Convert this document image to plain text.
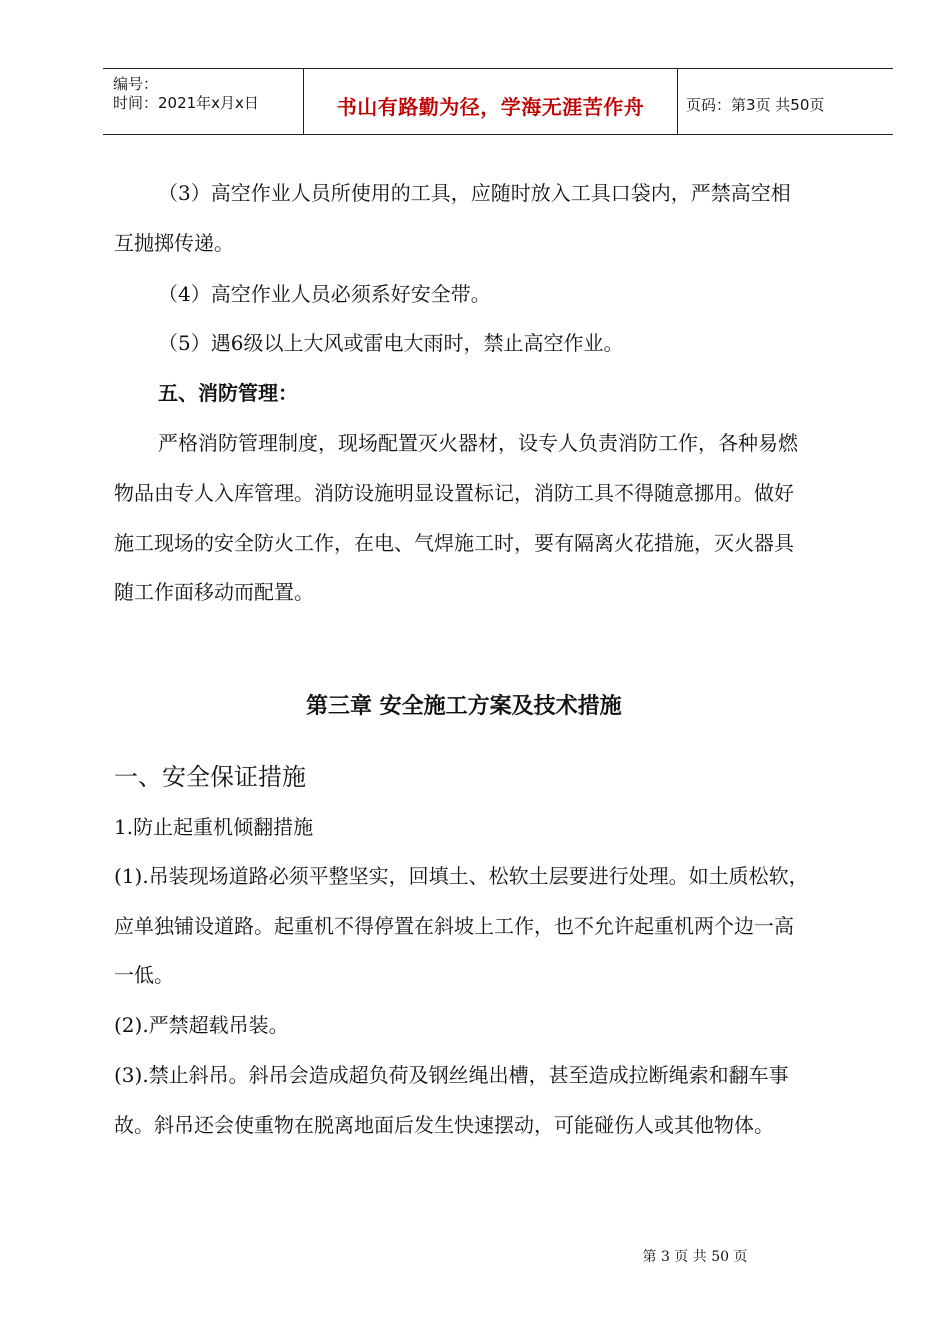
编号：
时间：2021年x月x日	书山有路勤为径，学海无涯苦作舟	页码：第3页 共50页
（3）高空作业人员所使用的工具，应随时放入工具口袋内，严禁高空相
互抛掷传递。
（4）高空作业人员必须系好安全带。
（5）遇6级以上大风或雷电大雨时，禁止高空作业。
五、消防管理：
严格消防管理制度，现场配置灭火器材，设专人负责消防工作，各种易燃
物品由专人入库管理。消防设施明显设置标记，消防工具不得随意挪用。做好
施工现场的安全防火工作，在电、气焊施工时，要有隔离火花措施，灭火器具
随工作面移动而配置。
第三章 安全施工方案及技术措施
一、安全保证措施
1.防止起重机倾翻措施
(1).吊装现场道路必须平整坚实，回填土、松软土层要进行处理。如土质松软，
应单独铺设道路。起重机不得停置在斜坡上工作，也不允许起重机两个边一高
一低。
(2).严禁超载吊装。
(3).禁止斜吊。斜吊会造成超负荷及钢丝绳出槽，甚至造成拉断绳索和翻车事
故。斜吊还会使重物在脱离地面后发生快速摆动，可能碰伤人或其他物体。
第 3 页 共 50 页
